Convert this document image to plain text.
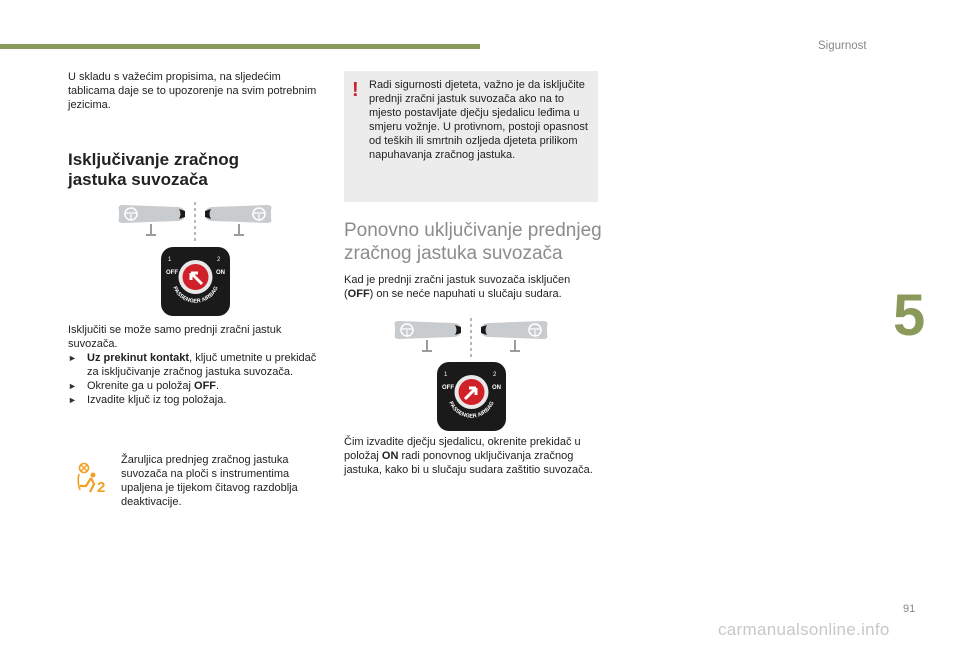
Sigurnost
5
91
carmanualsonline.info

U skladu s važećim propisima, na sljedećim tablicama daje se to upozorenje na svim potrebnim jezicima.

Isključivanje zračnog jastuka suvozača
OFF	ON
1	2
PASSENGER AIRBAG

Isključiti se može samo prednji zračni jastuk suvozača.

► Uz prekinut kontakt, ključ umetnite u prekidač za isključivanje zračnog jastuka suvozača.
► Okrenite ga u položaj OFF.
► Izvadite ključ iz tog položaja.
2

Žaruljica prednjeg zračnog jastuka suvozača na ploči s instrumentima upaljena je tijekom čitavog razdoblja deaktivacije.

! Radi sigurnosti djeteta, važno je da isključite prednji zračni jastuk suvozača ako na to mjesto postavljate dječju sjedalicu leđima u smjeru vožnje. U protivnom, postoji opasnost od teških ili smrtnih ozljeda djeteta prilikom napuhavanja zračnog jastuka.

Ponovno uključivanje prednjeg zračnog jastuka suvozača

Kad je prednji zračni jastuk suvozača isključen (OFF) on se neće napuhati u slučaju sudara.

OFF	ON
1	2
PASSENGER AIRBAG

Čim izvadite dječju sjedalicu, okrenite prekidač u položaj ON radi ponovnog uključivanja zračnog jastuka, kako bi u slučaju sudara zaštitio suvozača.
